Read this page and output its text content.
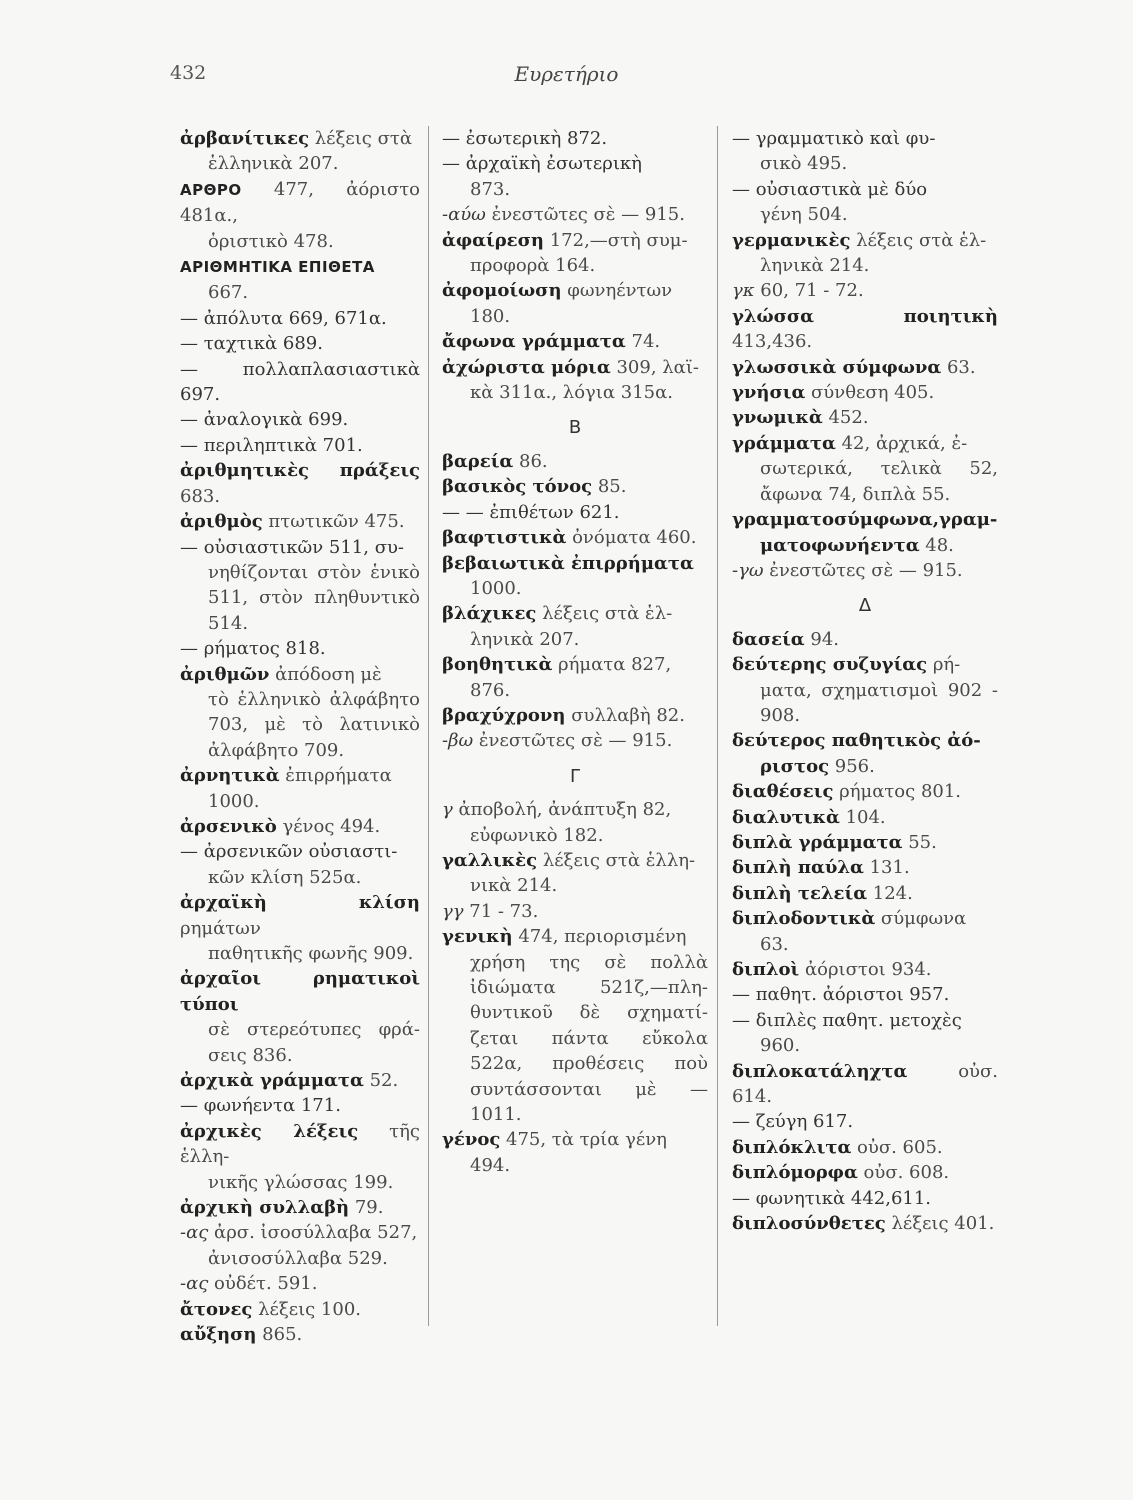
432	Ευρετήριο

ἀρβανίτικες λέξεις στὰ
ἑλληνικὰ 207.

ΑΡΘΡΟ 477, ἀόριστο 481α.,
ὁριστικὸ 478.

ΑΡΙΘΜΗΤΙΚΑ ΕΠΙΘΕΤΑ
667.

— ἀπόλυτα 669, 671α.

— ταχτικὰ 689.

— πολλαπλασιαστικὰ 697.

— ἀναλογικὰ 699.

— περιληπτικὰ 701.

ἀριθμητικὲς πράξεις 683.

ἀριθμὸς πτωτικῶν 475.

— οὐσιαστικῶν 511, συ-
νηθίζονται στὸν ἑνικὸ 511, στὸν πληθυντικὸ 514.

— ρήματος 818.

ἀριθμῶν ἀπόδοση μὲ
τὸ ἑλληνικὸ ἀλφάβητο 703, μὲ τὸ λατινικὸ ἀλφάβητο 709.

ἀρνητικὰ ἐπιρρήματα
1000.

ἀρσενικὸ γένος 494.

— ἀρσενικῶν οὐσιαστι-
κῶν κλίση 525α.

ἀρχαϊκὴ κλίση ρημάτων
παθητικῆς φωνῆς 909.

ἀρχαῖοι ρηματικοὶ τύποι
σὲ στερεότυπες φρά-σεις 836.

ἀρχικὰ γράμματα 52.

— φωνήεντα 171.

ἀρχικὲς λέξεις τῆς ἑλλη-
νικῆς γλώσσας 199.

ἀρχικὴ συλλαβὴ 79.

-ας ἀρσ. ἰσοσύλλαβα 527,
ἀνισοσύλλαβα 529.

-ας οὐδέτ. 591.

ἄτονες λέξεις 100.

αὔξηση 865.

— ἐσωτερικὴ 872.

— ἀρχαϊκὴ ἐσωτερικὴ
873.

-αύω ἐνεστῶτες σὲ — 915.

ἀφαίρεση 172,—στὴ συμ-
προφορὰ 164.

ἀφομοίωση φωνηέντων
180.

ἄφωνα γράμματα 74.

ἀχώριστα μόρια 309, λαϊ-
κὰ 311α., λόγια 315α.

Β

βαρεία 86.

βασικὸς τόνος 85.

— — ἐπιθέτων 621.

βαφτιστικὰ ὀνόματα 460.

βεβαιωτικὰ ἐπιρρήματα
1000.

βλάχικες λέξεις στὰ ἑλ-
ληνικὰ 207.

βοηθητικὰ ρήματα 827,
876.

βραχύχρονη συλλαβὴ 82.

-βω ἐνεστῶτες σὲ — 915.

Γ

γ ἀποβολή, ἀνάπτυξη 82,
εὐφωνικὸ 182.

γαλλικὲς λέξεις στὰ ἑλλη-
νικὰ 214.

γγ 71 - 73.

γενικὴ 474, περιορισμένη
χρήση της σὲ πολλὰ ἰδιώματα 521ζ,—πλη-θυντικοῦ δὲ σχηματί-ζεται πάντα εὔκολα 522α, προθέσεις ποὺ συντάσσονται μὲ — 1011.

γένος 475, τὰ τρία γένη
494.

— γραμματικὸ καὶ φυ-
σικὸ 495.

— οὐσιαστικὰ μὲ δύο
γένη 504.

γερμανικὲς λέξεις στὰ ἑλ-
ληνικὰ 214.

γκ 60, 71 - 72.

γλώσσα ποιητικὴ 413,436.

γλωσσικὰ σύμφωνα 63.

γνήσια σύνθεση 405.

γνωμικὰ 452.

γράμματα 42, ἀρχικά, ἐ-
σωτερικά, τελικὰ 52, ἄφωνα 74, διπλὰ 55.

γραμματοσύμφωνα,γραμ-
ματοφωνήεντα 48.

-γω ἐνεστῶτες σὲ — 915.

Δ

δασεία 94.

δεύτερης συζυγίας ρή-
ματα, σχηματισμοὶ 902 - 908.

δεύτερος παθητικὸς ἀό-
ριστος 956.

διαθέσεις ρήματος 801.

διαλυτικὰ 104.

διπλὰ γράμματα 55.

διπλὴ παύλα 131.

διπλὴ τελεία 124.

διπλοδοντικὰ σύμφωνα
63.

διπλοὶ ἀόριστοι 934.

— παθητ. ἀόριστοι 957.

— διπλὲς παθητ. μετοχὲς
960.

διπλοκατάληχτα οὐσ. 614.

— ζεύγη 617.

διπλόκλιτα οὐσ. 605.

διπλόμορφα οὐσ. 608.

— φωνητικὰ 442,611.

διπλοσύνθετες λέξεις 401.
